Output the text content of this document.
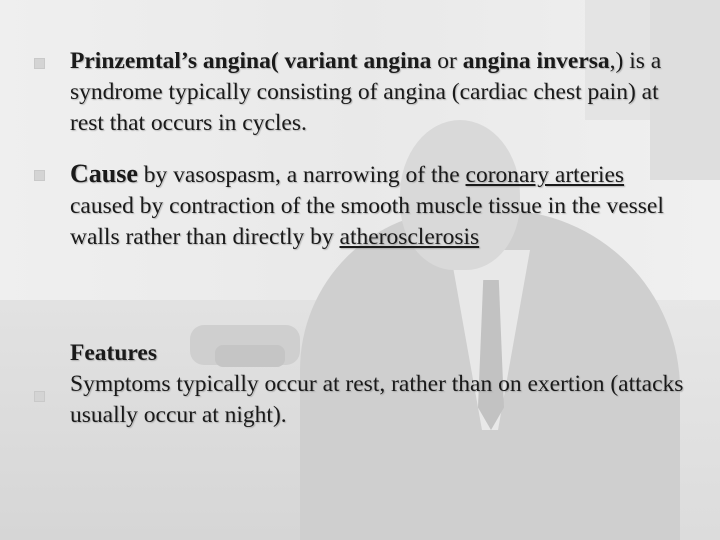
Prinzemtal’s angina( variant angina or angina inversa,) is a syndrome typically consisting of angina (cardiac chest pain) at rest that occurs in cycles.
Cause by vasospasm, a narrowing of the coronary arteries caused by contraction of the smooth muscle tissue in the vessel walls rather than directly by atherosclerosis
Features
Symptoms typically occur at rest, rather than on exertion (attacks usually occur at night).
